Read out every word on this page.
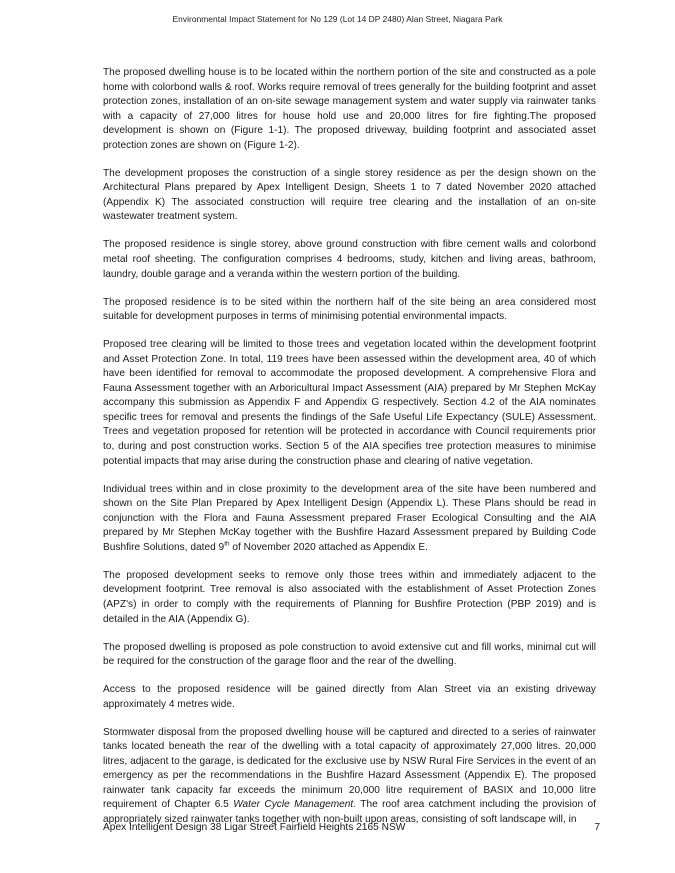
Environmental Impact Statement for No 129 (Lot 14 DP 2480) Alan Street, Niagara Park

The proposed dwelling house is to be located within the northern portion of the site and constructed as a pole home with colorbond walls & roof. Works require removal of trees generally for the building footprint and asset protection zones, installation of an on-site sewage management system and water supply via rainwater tanks with a capacity of 27,000 litres for house hold use and 20,000 litres for fire fighting.The proposed development is shown on (Figure 1-1). The proposed driveway, building footprint and associated asset protection zones are shown on (Figure 1-2).

The development proposes the construction of a single storey residence as per the design shown on the Architectural Plans prepared by Apex Intelligent Design, Sheets 1 to 7 dated November 2020 attached (Appendix K) The associated construction will require tree clearing and the installation of an on-site wastewater treatment system.

The proposed residence is single storey, above ground construction with fibre cement walls and colorbond metal roof sheeting. The configuration comprises 4 bedrooms, study, kitchen and living areas, bathroom, laundry, double garage and a veranda within the western portion of the building.

The proposed residence is to be sited within the northern half of the site being an area considered most suitable for development purposes in terms of minimising potential environmental impacts.

Proposed tree clearing will be limited to those trees and vegetation located within the development footprint and Asset Protection Zone. In total, 119 trees have been assessed within the development area, 40 of which have been identified for removal to accommodate the proposed development. A comprehensive Flora and Fauna Assessment together with an Arboricultural Impact Assessment (AIA) prepared by Mr Stephen McKay accompany this submission as Appendix F and Appendix G respectively. Section 4.2 of the AIA nominates specific trees for removal and presents the findings of the Safe Useful Life Expectancy (SULE) Assessment. Trees and vegetation proposed for retention will be protected in accordance with Council requirements prior to, during and post construction works. Section 5 of the AIA specifies tree protection measures to minimise potential impacts that may arise during the construction phase and clearing of native vegetation.

Individual trees within and in close proximity to the development area of the site have been numbered and shown on the Site Plan Prepared by Apex Intelligent Design (Appendix L). These Plans should be read in conjunction with the Flora and Fauna Assessment prepared Fraser Ecological Consulting and the AIA prepared by Mr Stephen McKay together with the Bushfire Hazard Assessment prepared by Building Code Bushfire Solutions, dated 9th of November 2020 attached as Appendix E.

The proposed development seeks to remove only those trees within and immediately adjacent to the development footprint. Tree removal is also associated with the establishment of Asset Protection Zones (APZ's) in order to comply with the requirements of Planning for Bushfire Protection (PBP 2019) and is detailed in the AIA (Appendix G).

The proposed dwelling is proposed as pole construction to avoid extensive cut and fill works, minimal cut will be required for the construction of the garage floor and the rear of the dwelling.

Access to the proposed residence will be gained directly from Alan Street via an existing driveway approximately 4 metres wide.

Stormwater disposal from the proposed dwelling house will be captured and directed to a series of rainwater tanks located beneath the rear of the dwelling with a total capacity of approximately 27,000 litres. 20,000 litres, adjacent to the garage, is dedicated for the exclusive use by NSW Rural Fire Services in the event of an emergency as per the recommendations in the Bushfire Hazard Assessment (Appendix E). The proposed rainwater tank capacity far exceeds the minimum 20,000 litre requirement of BASIX and 10,000 litre requirement of Chapter 6.5 Water Cycle Management. The roof area catchment including the provision of appropriately sized rainwater tanks together with non-built upon areas, consisting of soft landscape will, in

Apex Intelligent Design 38 Ligar Street Fairfield Heights 2165 NSW	7
